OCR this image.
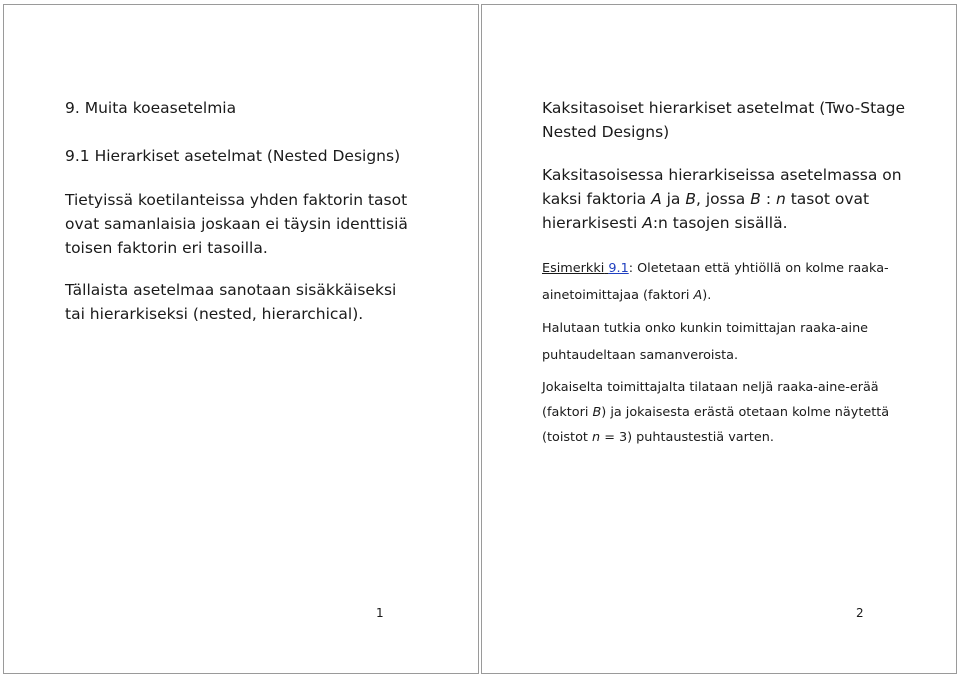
9. Muita koeasetelmia
9.1 Hierarkiset asetelmat (Nested Designs)
Tietyissä koetilanteissa yhden faktorin tasot
ovat samanlaisia joskaan ei täysin identtisiä
toisen faktorin eri tasoilla.
Tällaista asetelmaa sanotaan sisäkkäiseksi
tai hierarkiseksi (nested, hierarchical).
1
Kaksitasoiset hierarkiset asetelmat (Two-Stage
Nested Designs)
Kaksitasoisessa hierarkiseissa asetelmassa on
kaksi faktoria A ja B, jossa B : n tasot ovat
hierarkisesti A:n tasojen sisällä.
Esimerkki 9.1: Oletetaan että yhtiöllä on kolme raaka-
ainetoimittajaa (faktori A).
Halutaan tutkia onko kunkin toimittajan raaka-aine
puhtaudeltaan samanveroista.
Jokaiselta toimittajalta tilataan neljä raaka-aine-erää
(faktori B) ja jokaisesta erästä otetaan kolme näytettä
(toistot n = 3) puhtaustestiä varten.
2
